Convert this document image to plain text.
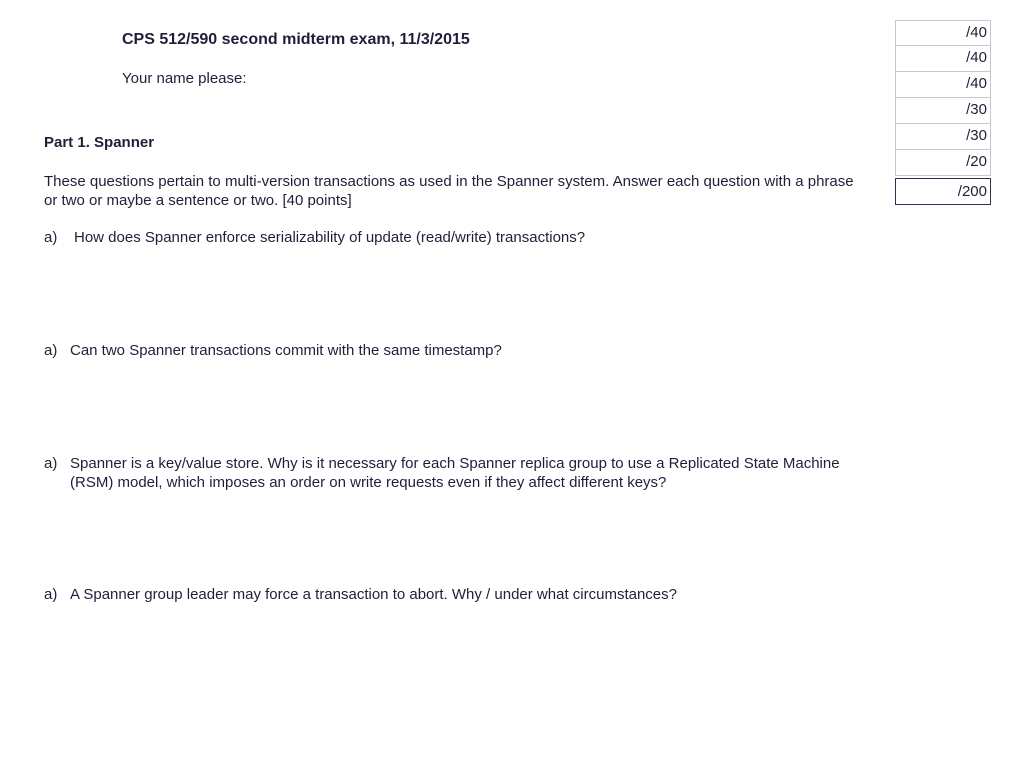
CPS 512/590 second midterm exam, 11/3/2015
Your name please:
Part 1. Spanner
These questions pertain to multi-version transactions as used in the Spanner system. Answer each question with a phrase or two or maybe a sentence or two. [40 points]
a)	How does Spanner enforce serializability of update (read/write) transactions?
a) Can two Spanner transactions commit with the same timestamp?
a) Spanner is a key/value store. Why is it necessary for each Spanner replica group to use a Replicated State Machine (RSM) model, which imposes an order on write requests even if they affect different keys?
a) A Spanner group leader may force a transaction to abort. Why / under what circumstances?
/40
/40
/40
/30
/30
/20
/200
